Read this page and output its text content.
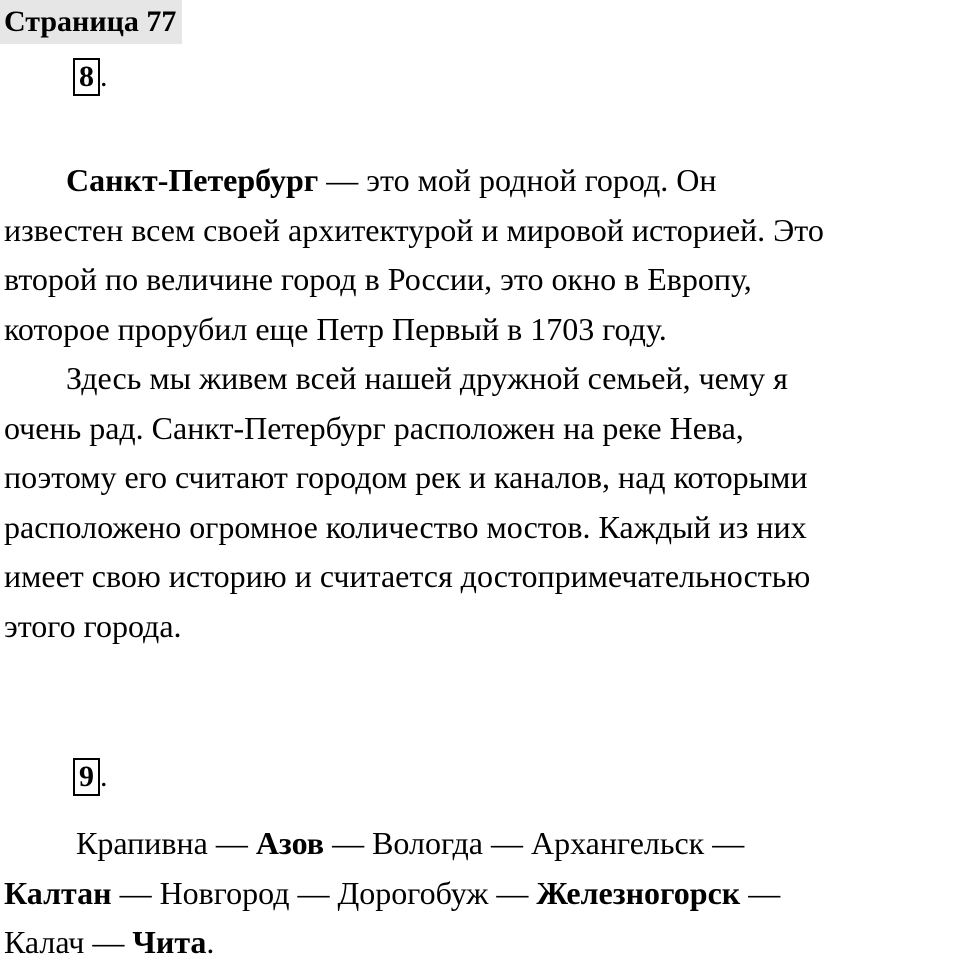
Страница 77
8 .
Санкт-Петербург — это мой родной город. Он
известен всем своей архитектурой и мировой историей. Это
второй по величине город в России, это окно в Европу,
которое прорубил еще Петр Первый в 1703 году.
Здесь мы живем всей нашей дружной семьей, чему я
очень рад. Санкт-Петербург расположен на реке Нева,
поэтому его считают городом рек и каналов, над которыми
расположено огромное количество мостов. Каждый из них
имеет свою историю и считается достопримечательностью
этого города.
9 .
Крапивна — Азов — Вологда — Архангельск —
Калтан — Новгород — Дорогобуж — Железногорск —
Калач — Чита.
